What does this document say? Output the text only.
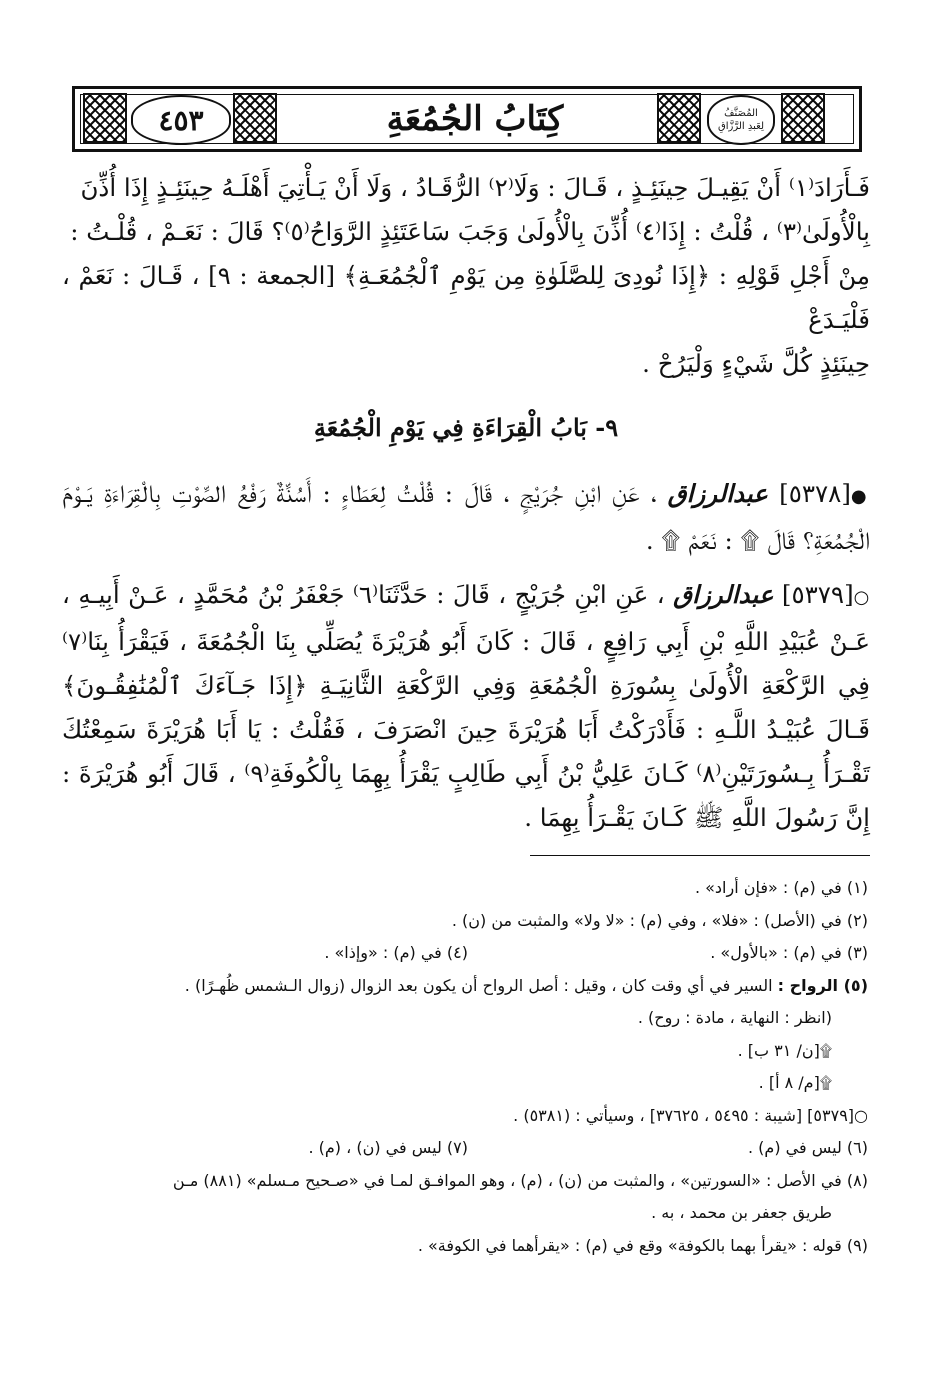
٤٥٣	كِتَابُ الجُمُعَةِ	المُصَنَّفُ
لِعَبدِ الرَّزَّاقِ

فَـأَرَادَ⁽١⁾ أَنْ يَقِيـلَ حِينَئِـذٍ ، قَـالَ : وَلَا⁽٢⁾ الرُّقَـادُ ، وَلَا أَنْ يَـأْتِيَ أَهْلَـهُ حِينَئِـذٍ إِذَا أُذِّنَ

بِالْأُولَىٰ⁽٣⁾ ، قُلْتُ : إِذَا⁽٤⁾ أُذِّنَ بِالْأُولَىٰ وَجَبَ سَاعَتَئِذٍ الرَّوَاحُ⁽٥⁾؟ قَالَ : نَعَـمْ ، قُلْـتُ :

مِنْ أَجْلِ قَوْلِهِ : ﴿إِذَا نُودِىَ لِلصَّلَوٰةِ مِن يَوْمِ ٱلْجُمُعَـةِ﴾ [الجمعة : ٩] ، قَـالَ : نَعَمْ ، فَلْيَـدَعْ

حِينَئِذٍ كُلَّ شَيْءٍ وَلْيَرُحْ .

٩- بَابُ الْقِرَاءَةِ فِي يَوْمِ الْجُمُعَةِ

●[٥٣٧٨] عبدالرزاق ، عَنِ ابْنِ جُرَيْجٍ ، قَالَ : قُلْتُ لِعَطَاءٍ : أَسُنَّةٌ رَفْعُ الصَّوْتِ بِالْقِرَاءَةِ يَـوْمَ الْجُمُعَةِ؟ قَالَ ۩ : نَعَمْ ۩ .

○[٥٣٧٩] عبدالرزاق ، عَنِ ابْنِ جُرَيْجٍ ، قَالَ : حَدَّثَنَا⁽٦⁾ جَعْفَرُ بْنُ مُحَمَّدٍ ، عَـنْ أَبِيـهِ ، عَـنْ عُبَيْدِ اللَّهِ بْنِ أَبِي رَافِعٍ ، قَالَ : كَانَ أَبُو هُرَيْرَةَ يُصَلِّي بِنَا الْجُمُعَةَ ، فَيَقْرَأُ بِنَا⁽٧⁾ فِي الرَّكْعَةِ الْأُولَىٰ بِسُورَةِ الْجُمُعَةِ وَفِي الرَّكْعَةِ الثَّانِيَـةِ ﴿إِذَا جَـآءَكَ ٱلْمُنَٰفِقُـونَ﴾ قَـالَ عُبَيْـدُ اللَّـهِ : فَأَدْرَكْتُ أَبَا هُرَيْرَةَ حِينَ انْصَرَفَ ، فَقُلْتُ : يَا أَبَا هُرَيْرَةَ سَمِعْتُكَ تَقْـرَأُ بِـسُورَتَيْنِ⁽٨⁾ كَـانَ عَلِيُّ بْنُ أَبِي طَالِبٍ يَقْرَأُ بِهِمَا بِالْكُوفَةِ⁽٩⁾ ، قَالَ أَبُو هُرَيْرَةَ : إِنَّ رَسُولَ اللَّهِ ﷺ كَـانَ يَقْـرَأُ بِهِمَا .

(١) في (م) : «فإن أراد» .

(٢) في (الأصل) : «فلا» ، وفي (م) : «لا ولا» والمثبت من (ن) .

(٣) في (م) : «بالأول» .
(٤) في (م) : «وإذا» .

(٥) الرواح : السير في أي وقت كان ، وقيل : أصل الرواح أن يكون بعد الزوال (زوال الـشمس ظُهـرًا) .

(انظر : النهاية ، مادة : روح) .

۩[ن/ ٣١ ب] .

۩[م/ ٨ أ] .

○[٥٣٧٩] [شيبة : ٥٤٩٥ ، ٣٧٦٢٥] ، وسيأتي : (٥٣٨١) .

(٦) ليس في (م) .
(٧) ليس في (ن) ، (م) .

(٨) في الأصل : «السورتين» ، والمثبت من (ن) ، (م) ، وهو الموافـق لمـا في «صـحيح مـسلم» (٨٨١) مـن

طريق جعفر بن محمد ، به .

(٩) قوله : «يقرأ بهما بالكوفة» وقع في (م) : «يقرأهما في الكوفة» .
